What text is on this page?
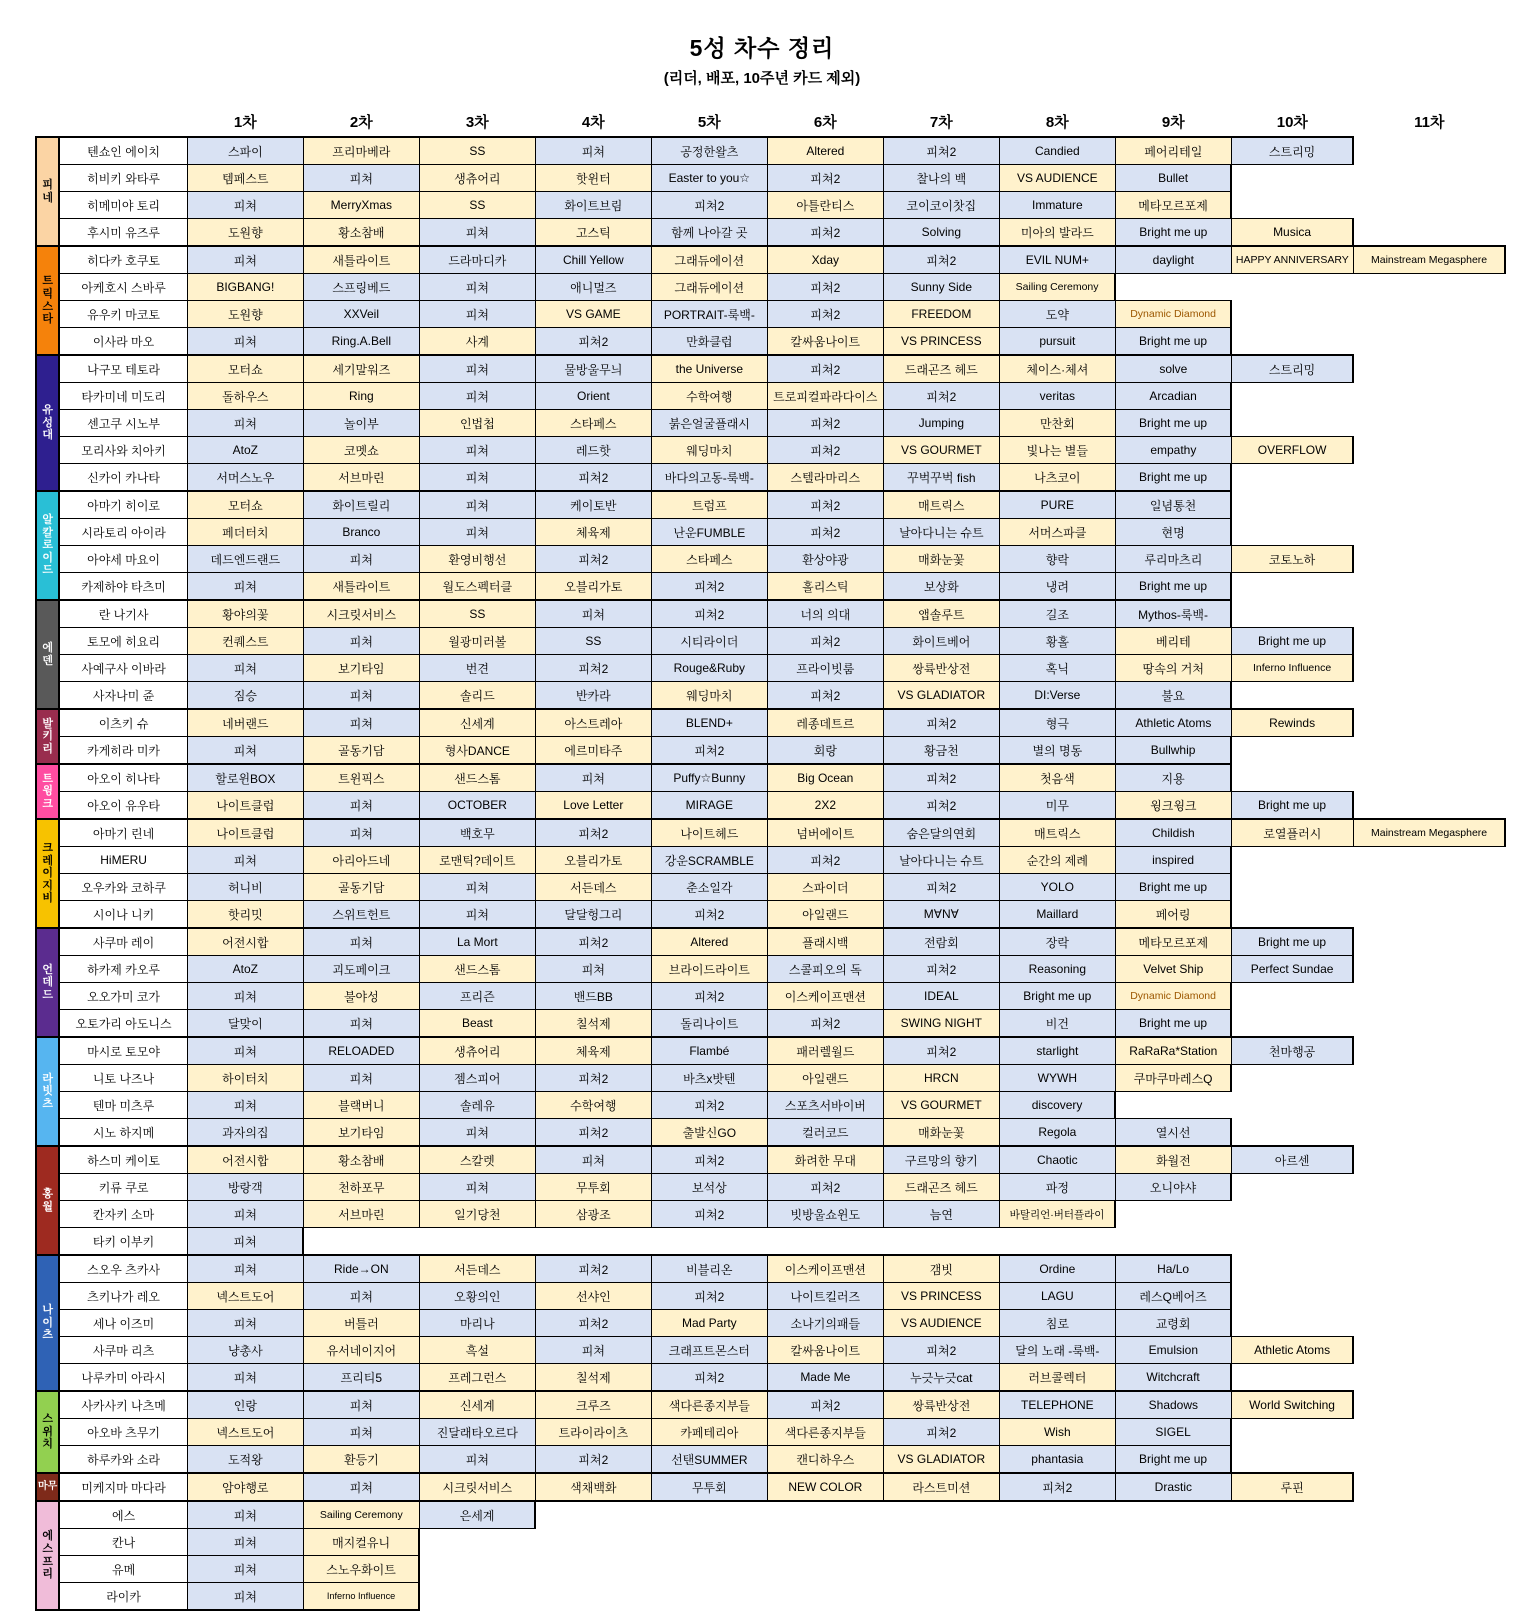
5성 차수 정리
(리더, 배포, 10주년 카드 제외)
		1차	2차	3차	4차	5차	6차	7차	8차	9차	10차	11차
피네	텐쇼인 에이치	스파이	프리마베라	SS	피쳐	공정한왈츠	Altered	피쳐2	Candied	페어리테일	스트리밍	
	히비키 와타루	템페스트	피쳐	생츄어리	핫윈터	Easter to you☆	피쳐2	찰나의 백	VS AUDIENCE	Bullet		
	히메미야 토리	피쳐	MerryXmas	SS	화이트브림	피쳐2	아틀란티스	코이코이찻집	Immature	메타모르포제		
	후시미 유즈루	도원향	황소참배	피쳐	고스틱	함께 나아갈 곳	피쳐2	Solving	미아의 발라드	Bright me up	Musica	
트릭스타	히다카 호쿠토	피쳐	새틀라이트	드라마디카	Chill Yellow	그래듀에이션	Xday	피쳐2	EVIL NUM+	daylight	HAPPY ANNIVERSARY	Mainstream Megasphere
	아케호시 스바루	BIGBANG!	스프링베드	피쳐	애니멀즈	그래듀에이션	피쳐2	Sunny Side	Sailing Ceremony			
	유우키 마코토	도원향	XXVeil	피쳐	VS GAME	PORTRAIT-룩백-	피쳐2	FREEDOM	도약	Dynamic Diamond		
	이사라 마오	피쳐	Ring.A.Bell	사계	피쳐2	만화클럽	칼싸움나이트	VS PRINCESS	pursuit	Bright me up		
유성대	나구모 테토라	모터쇼	세기말워즈	피쳐	물방울무늬	the Universe	피쳐2	드래곤즈 헤드	체이스·체셔	solve	스트리밍	
	타카미네 미도리	돌하우스	Ring	피쳐	Orient	수학여행	트로피컬파라다이스	피쳐2	veritas	Arcadian		
	센고쿠 시노부	피쳐	놀이부	인법첩	스타페스	붉은얼굴플래시	피쳐2	Jumping	만찬회	Bright me up		
	모리사와 치아키	AtoZ	코멧쇼	피쳐	레드핫	웨딩마치	피쳐2	VS GOURMET	빛나는 별들	empathy	OVERFLOW	
	신카이 카나타	서머스노우	서브마린	피쳐	피쳐2	바다의고동-룩백-	스텔라마리스	꾸벅꾸벅 fish	나츠코이	Bright me up		
알칼로이드	아마기 히이로	모터쇼	화이트릴리	피쳐	케이토반	트럼프	피쳐2	매트릭스	PURE	일념통천		
	시라토리 아이라	페더터치	Branco	피쳐	체육제	난운FUMBLE	피쳐2	날아다니는 슈트	서머스파클	현명		
	아야세 마요이	데드엔드랜드	피쳐	환영비행선	피쳐2	스타페스	환상야광	매화눈꽃	향락	루리마츠리	코토노하	
	카제하야 타츠미	피쳐	새틀라이트	월도스펙터클	오블리가토	피쳐2	홀리스틱	보상화	냉려	Bright me up		
에덴	란 나기사	황야의꽃	시크릿서비스	SS	피쳐	피쳐2	너의 의대	앱솔루트	길조	Mythos-룩백-		
	토모에 히요리	컨퀘스트	피쳐	월광미러볼	SS	시티라이더	피쳐2	화이트베어	황홀	베리테	Bright me up	
	사예구사 이바라	피쳐	보기타임	번견	피쳐2	Rouge&Ruby	프라이빗룸	쌍륙반상전	혹닉	땅속의 거처	Inferno Influence	
	사자나미 쥰	짐승	피쳐	솔리드	반카라	웨딩마치	피쳐2	VS GLADIATOR	DI:Verse	불요		
발키리	이츠키 슈	네버랜드	피쳐	신세계	아스트레아	BLEND+	레종데트르	피쳐2	형극	Athletic Atoms	Rewinds	
	카게히라 미카	피쳐	골동기담	형사DANCE	에르미타주	피쳐2	회랑	황금천	별의 명동	Bullwhip		
트윙크	아오이 히나타	할로윈BOX	트윈픽스	샌드스톰	피쳐	Puffy☆Bunny	Big Ocean	피쳐2	첫음색	지용		
	아오이 유우타	나이트클럽	피쳐	OCTOBER	Love Letter	MIRAGE	2X2	피쳐2	미무	윙크윙크	Bright me up	
크레이지비	아마기 린네	나이트클럽	피쳐	백호무	피쳐2	나이트헤드	넘버에이트	숨은달의연회	매트릭스	Childish	로열플러시	Mainstream Megasphere
	HiMERU	피쳐	아리아드네	로맨틱?데이트	오블리가토	강운SCRAMBLE	피쳐2	날아다니는 슈트	순간의 제례	inspired		
	오우카와 코하쿠	허니비	골동기담	피쳐	서든데스	춘소일각	스파이더	피쳐2	YOLO	Bright me up		
	시이나 니키	핫리밋	스위트헌트	피쳐	달달헝그리	피쳐2	아일랜드	M∀N∀	Maillard	페어링		
언데드	사쿠마 레이	어전시합	피쳐	La Mort	피쳐2	Altered	플래시백	전람회	장락	메타모르포제	Bright me up	
	하카제 카오루	AtoZ	괴도페이크	샌드스톰	피쳐	브라이드라이트	스콜피오의 독	피쳐2	Reasoning	Velvet Ship	Perfect Sundae	
	오오가미 코가	피쳐	불야성	프리즌	밴드BB	피쳐2	이스케이프맨션	IDEAL	Bright me up	Dynamic Diamond		
	오토가리 아도니스	달맞이	피쳐	Beast	칠석제	돌리나이트	피쳐2	SWING NIGHT	비건	Bright me up		
라빗츠	마시로 토모야	피쳐	RELOADED	생츄어리	체육제	Flambé	패러렐월드	피쳐2	starlight	RaRaRa*Station	천마행공	
	니토 나즈나	하이터치	피쳐	젬스피어	피쳐2	바츠x밧텐	아일랜드	HRCN	WYWH	쿠마쿠마레스Q		
	텐마 미츠루	피쳐	블랙버니	솔레유	수학여행	피쳐2	스포츠서바이버	VS GOURMET	discovery			
	시노 하지메	과자의집	보기타임	피쳐	피쳐2	출발신GO	컬러코드	매화눈꽃	Regola	열시선		
홍월	하스미 케이토	어전시합	황소참배	스칼렛	피쳐	피쳐2	화려한 무대	구르망의 향기	Chaotic	화월전	아르센	
	키류 쿠로	방랑객	천하포무	피쳐	무투회	보석상	피쳐2	드래곤즈 헤드	파정	오니야샤		
	칸자키 소마	피쳐	서브마린	일기당천	삼광조	피쳐2	빗방울쇼윈도	늠연	바탈리언·버터플라이			
	타키 이부키	피쳐										
나이츠	스오우 츠카사	피쳐	Ride→ON	서든데스	피쳐2	비블리온	이스케이프맨션	갬빗	Ordine	Ha/Lo		
	츠키나가 레오	넥스트도어	피쳐	오황의인	선샤인	피쳐2	나이트킬러즈	VS PRINCESS	LAGU	레스Q베어즈		
	세나 이즈미	피쳐	버틀러	마리나	피쳐2	Mad Party	소나기의패들	VS AUDIENCE	침로	교령회		
	사쿠마 리츠	냥총사	유서네이지어	흑설	피쳐	크래프트몬스터	칼싸움나이트	피쳐2	달의 노래 -룩백-	Emulsion	Athletic Atoms	
	나루카미 아라시	피쳐	프리티5	프레그런스	칠석제	피쳐2	Made Me	누긋누긋cat	러브콜렉터	Witchcraft		
스위치	사카사키 나츠메	인랑	피쳐	신세계	크루즈	색다른종지부들	피쳐2	쌍륙반상전	TELEPHONE	Shadows	World Switching	
	아오바 츠무기	넥스트도어	피쳐	진달래타오르다	트라이라이츠	카페테리아	색다른종지부들	피쳐2	Wish	SIGEL		
	하루카와 소라	도적왕	환등기	피쳐	피쳐2	선탠SUMMER	캔디하우스	VS GLADIATOR	phantasia	Bright me up		
마무	미케지마 마다라	암야행로	피쳐	시크릿서비스	색채백화	무투회	NEW COLOR	라스트미션	피쳐2	Drastic	루핀	
에스프리	에스	피쳐	Sailing Ceremony	은세계								
	칸나	피쳐	매지컬유니									
	유메	피쳐	스노우화이트									
	라이카	피쳐	Inferno Influence									
